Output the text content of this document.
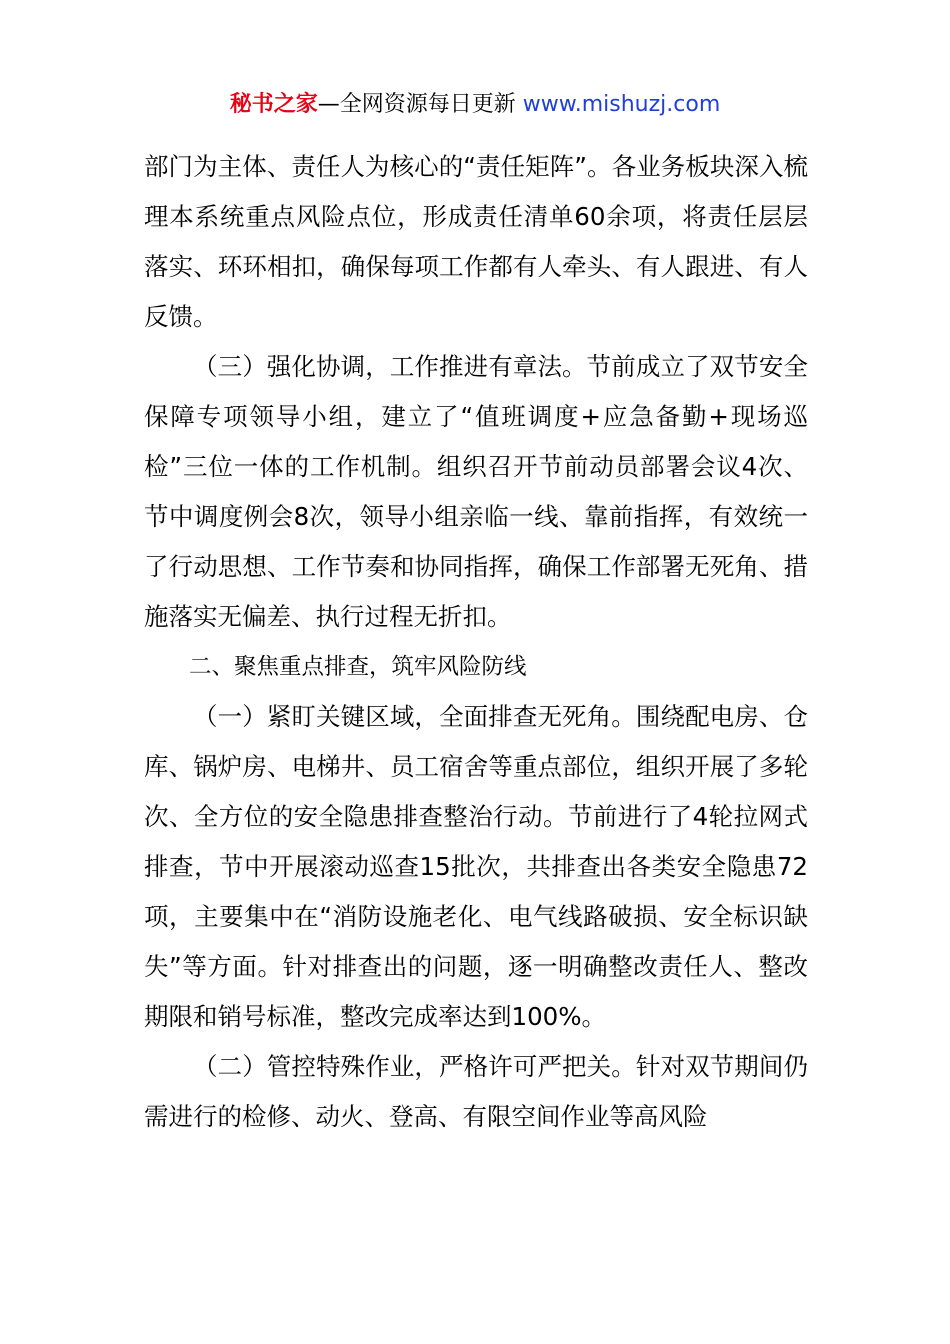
秘书之家—全网资源每日更新 www.mishuzj.com

部门为主体、责任人为核心的“责任矩阵”。各业务板块深入梳理本系统重点风险点位，形成责任清单60余项，将责任层层落实、环环相扣，确保每项工作都有人牵头、有人跟进、有人反馈。

（三）强化协调，工作推进有章法。节前成立了双节安全保障专项领导小组，建立了“值班调度+应急备勤+现场巡检”三位一体的工作机制。组织召开节前动员部署会议4次、节中调度例会8次，领导小组亲临一线、靠前指挥，有效统一了行动思想、工作节奏和协同指挥，确保工作部署无死角、措施落实无偏差、执行过程无折扣。

二、聚焦重点排查，筑牢风险防线

（一）紧盯关键区域，全面排查无死角。围绕配电房、仓库、锅炉房、电梯井、员工宿舍等重点部位，组织开展了多轮次、全方位的安全隐患排查整治行动。节前进行了4轮拉网式排查，节中开展滚动巡查15批次，共排查出各类安全隐患72项，主要集中在“消防设施老化、电气线路破损、安全标识缺失”等方面。针对排查出的问题，逐一明确整改责任人、整改期限和销号标准，整改完成率达到100%。

（二）管控特殊作业，严格许可严把关。针对双节期间仍需进行的检修、动火、登高、有限空间作业等高风险
